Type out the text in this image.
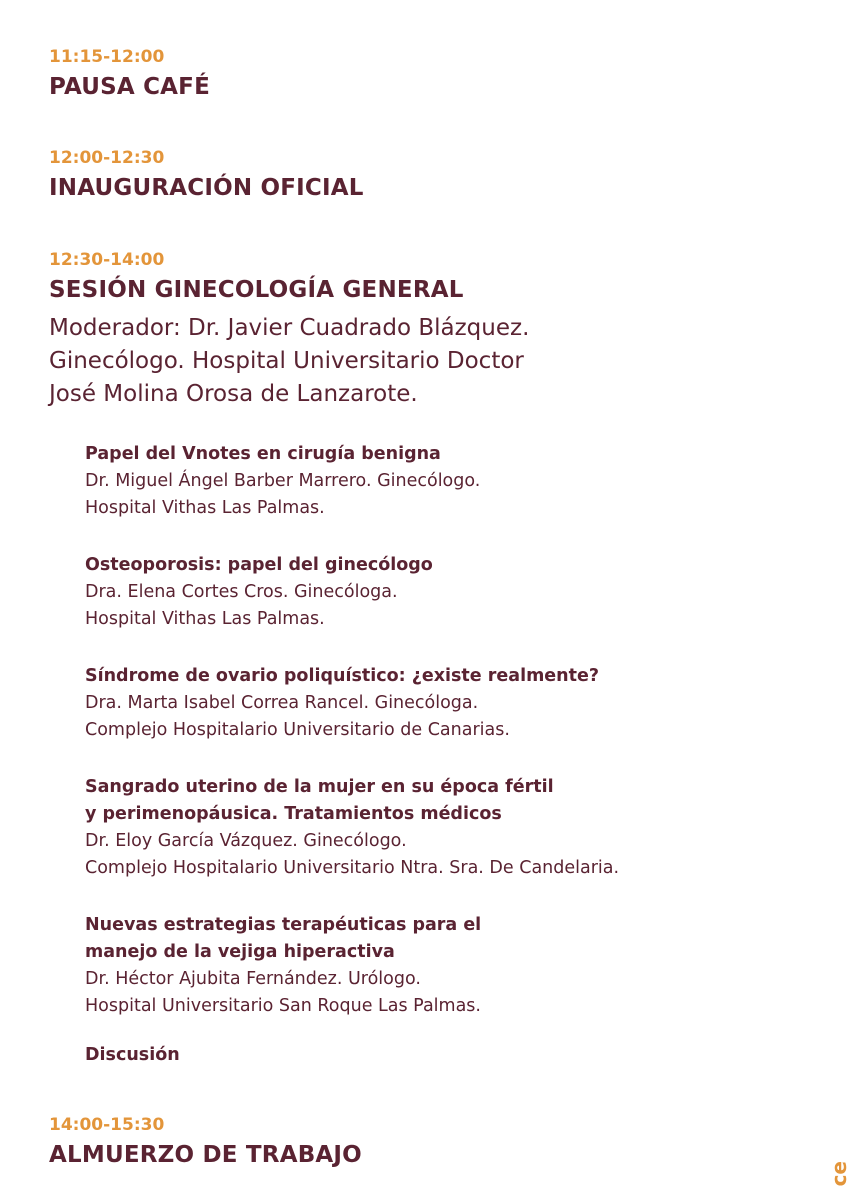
11:15-12:00
PAUSA CAFÉ
12:00-12:30
INAUGURACIÓN OFICIAL
12:30-14:00
SESIÓN GINECOLOGÍA GENERAL
Moderador: Dr. Javier Cuadrado Blázquez.
Ginecólogo. Hospital Universitario Doctor
José Molina Orosa de Lanzarote.
Papel del Vnotes en cirugía benigna
Dr. Miguel Ángel Barber Marrero. Ginecólogo.
Hospital Vithas Las Palmas.
Osteoporosis: papel del ginecólogo
Dra. Elena Cortes Cros. Ginecóloga.
Hospital Vithas Las Palmas.
Síndrome de ovario poliquístico: ¿existe realmente?
Dra. Marta Isabel Correa Rancel. Ginecóloga.
Complejo Hospitalario Universitario de Canarias.
Sangrado uterino de la mujer en su época fértil
y perimenopáusica. Tratamientos médicos
Dr. Eloy García Vázquez. Ginecólogo.
Complejo Hospitalario Universitario Ntra. Sra. De Candelaria.
Nuevas estrategias terapéuticas para el
manejo de la vejiga hiperactiva
Dr. Héctor Ajubita Fernández. Urólogo.
Hospital Universitario San Roque Las Palmas.
Discusión
14:00-15:30
ALMUERZO DE TRABAJO
ce
